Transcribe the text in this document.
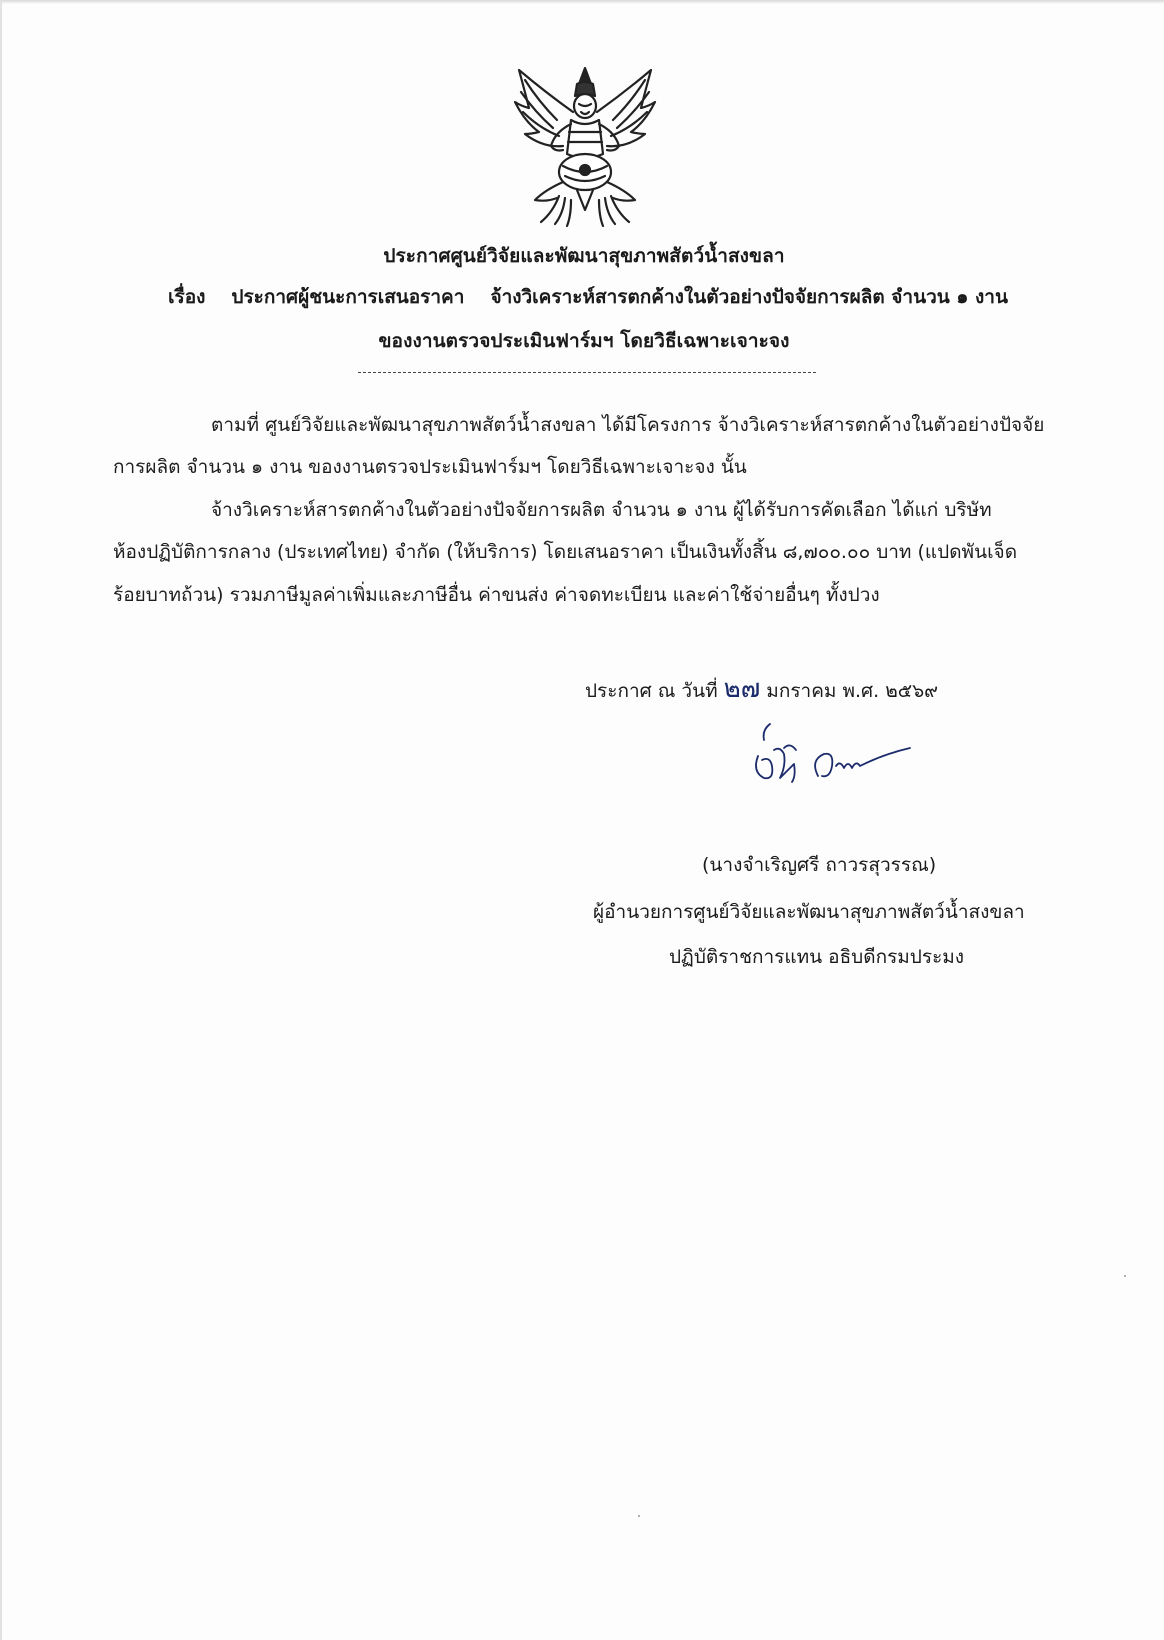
ประกาศศูนย์วิจัยและพัฒนาสุขภาพสัตว์น้ำสงขลา
เรื่อง ประกาศผู้ชนะการเสนอราคา จ้างวิเคราะห์สารตกค้างในตัวอย่างปัจจัยการผลิต จำนวน ๑ งาน
ของงานตรวจประเมินฟาร์มฯ โดยวิธีเฉพาะเจาะจง
ตามที่ ศูนย์วิจัยและพัฒนาสุขภาพสัตว์น้ำสงขลา ได้มีโครงการ จ้างวิเคราะห์สารตกค้างในตัวอย่างปัจจัย
การผลิต จำนวน ๑ งาน ของงานตรวจประเมินฟาร์มฯ โดยวิธีเฉพาะเจาะจง นั้น
จ้างวิเคราะห์สารตกค้างในตัวอย่างปัจจัยการผลิต จำนวน ๑ งาน ผู้ได้รับการคัดเลือก ได้แก่ บริษัท
ห้องปฏิบัติการกลาง (ประเทศไทย) จำกัด (ให้บริการ) โดยเสนอราคา เป็นเงินทั้งสิ้น ๘,๗๐๐.๐๐ บาท (แปดพันเจ็ด
ร้อยบาทถ้วน) รวมภาษีมูลค่าเพิ่มและภาษีอื่น ค่าขนส่ง ค่าจดทะเบียน และค่าใช้จ่ายอื่นๆ ทั้งปวง
ประกาศ ณ วันที่ ๒๗ มกราคม พ.ศ. ๒๕๖๙
(นางจำเริญศรี ถาวรสุวรรณ)
ผู้อำนวยการศูนย์วิจัยและพัฒนาสุขภาพสัตว์น้ำสงขลา
ปฏิบัติราชการแทน อธิบดีกรมประมง
